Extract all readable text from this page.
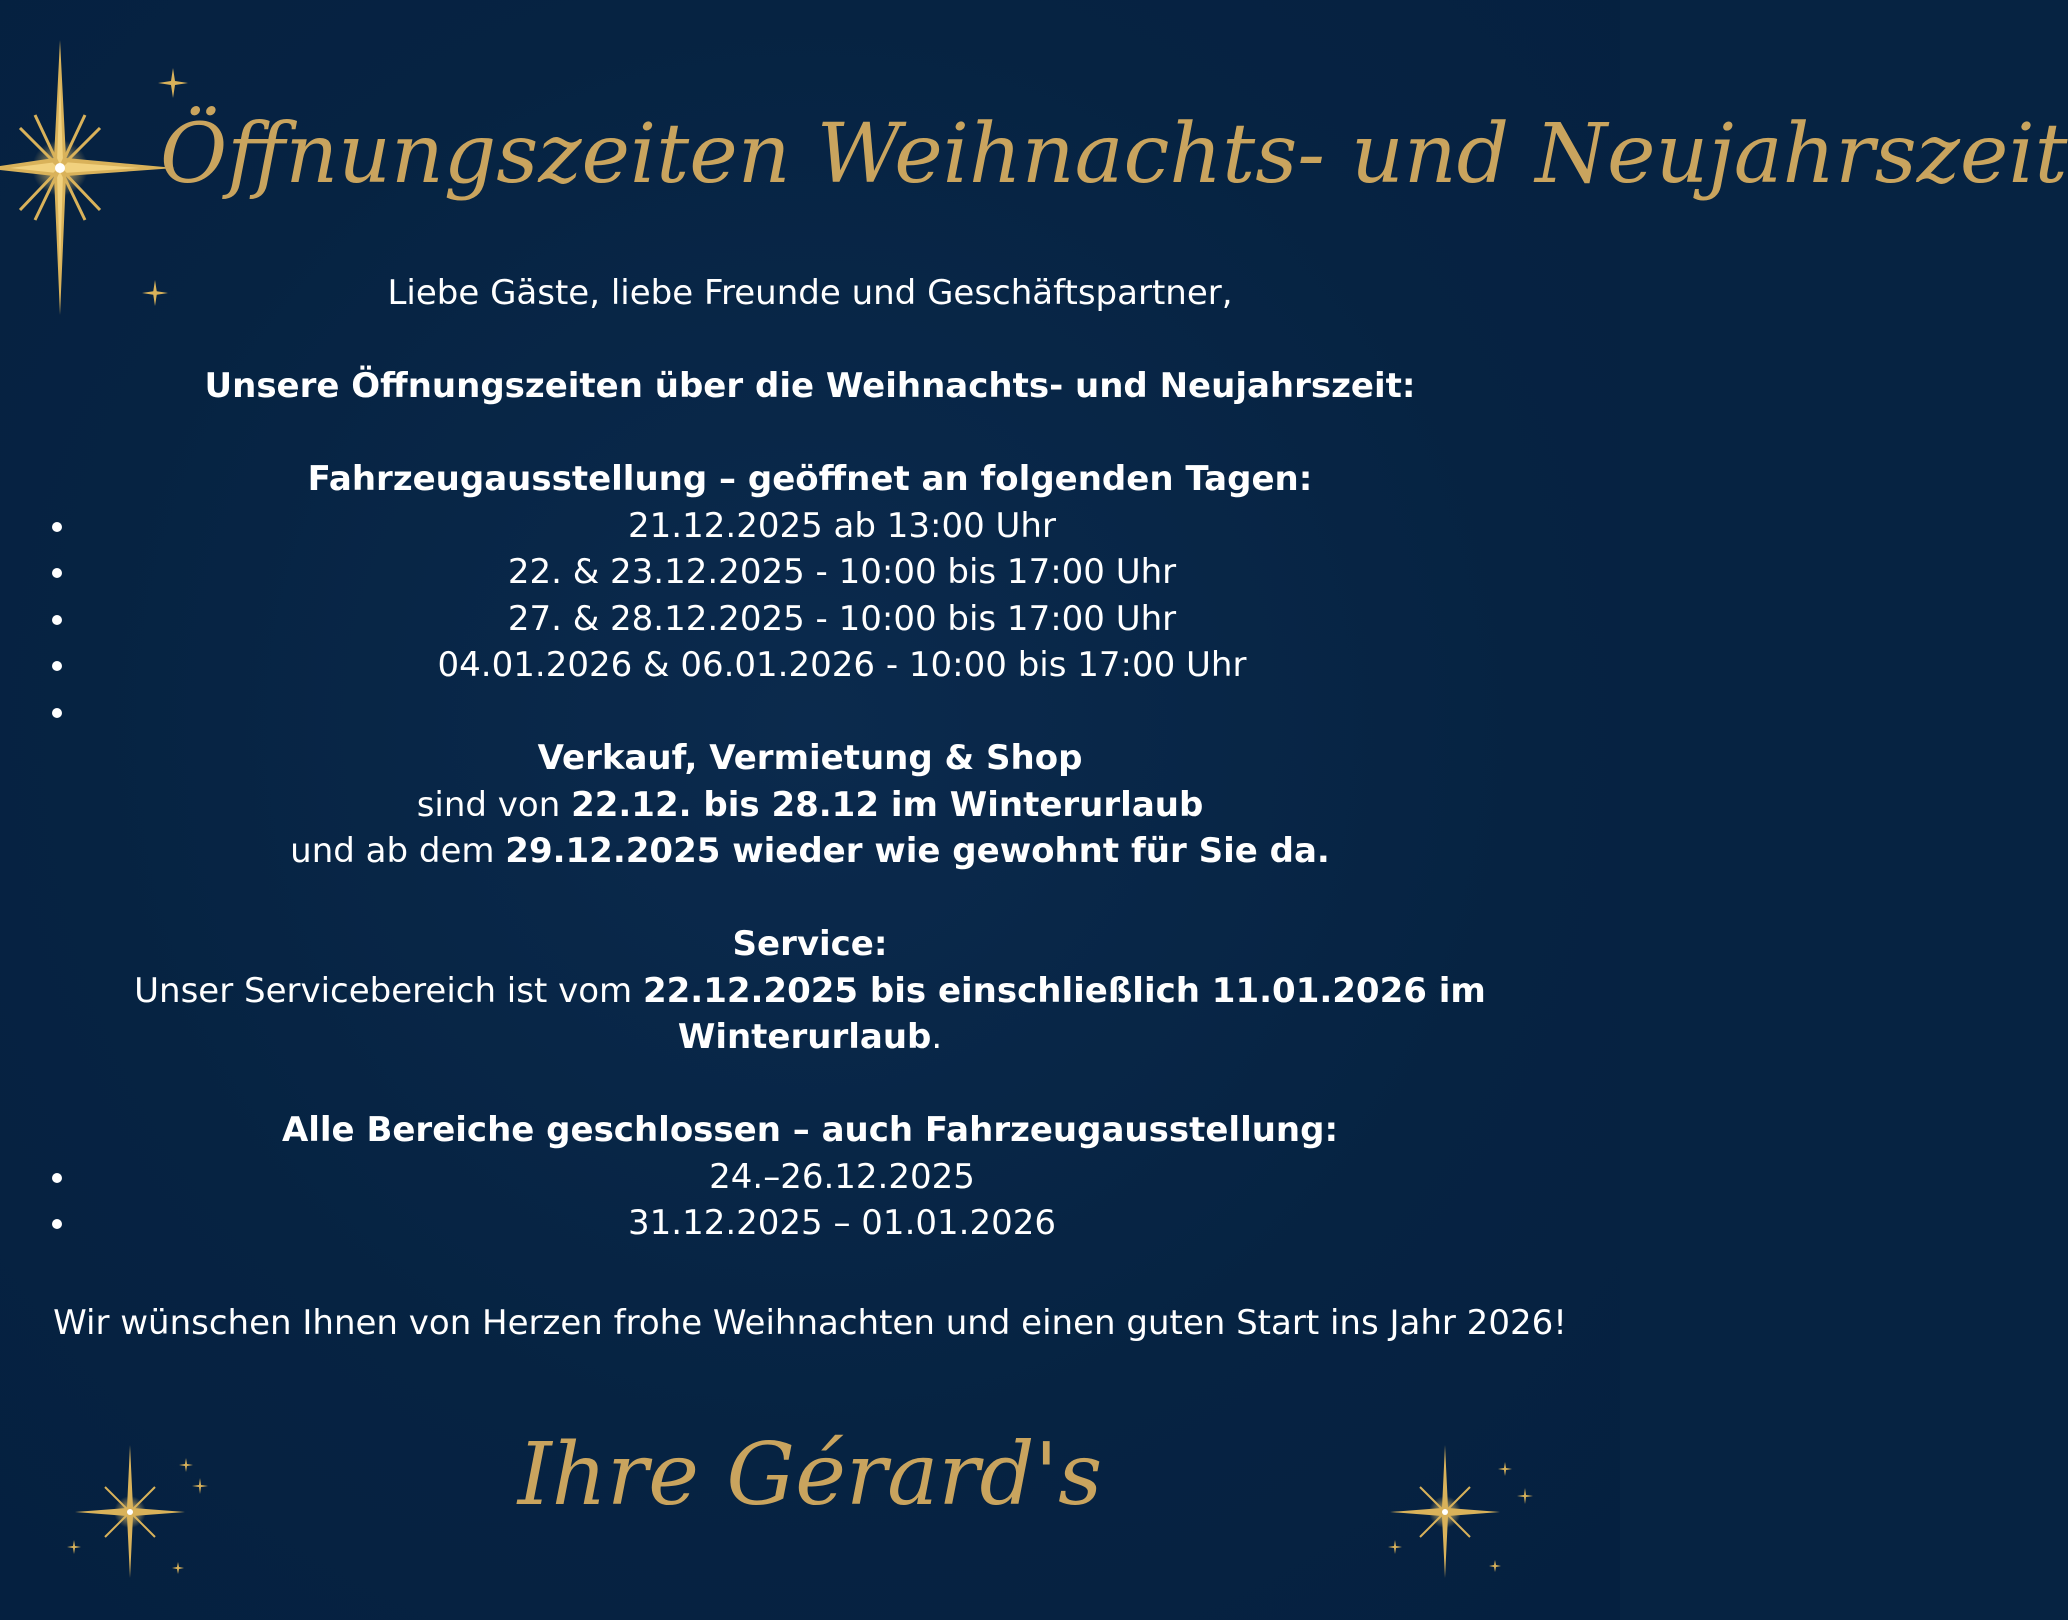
Öffnungszeiten Weihnachts- und Neujahrszeit
Liebe Gäste, liebe Freunde und Geschäftspartner,
Unsere Öffnungszeiten über die Weihnachts- und Neujahrszeit:
Fahrzeugausstellung – geöffnet an folgenden Tagen:
21.12.2025 ab 13:00 Uhr
22. & 23.12.2025 - 10:00 bis 17:00 Uhr
27. & 28.12.2025 - 10:00 bis 17:00 Uhr
04.01.2026 & 06.01.2026 - 10:00 bis 17:00 Uhr
Verkauf, Vermietung & Shop
sind von 22.12. bis 28.12 im Winterurlaub
und ab dem 29.12.2025 wieder wie gewohnt für Sie da.
Service:
Unser Servicebereich ist vom 22.12.2025 bis einschließlich 11.01.2026 im
Winterurlaub.
Alle Bereiche geschlossen – auch Fahrzeugausstellung:
24.–26.12.2025
31.12.2025 – 01.01.2026
Wir wünschen Ihnen von Herzen frohe Weihnachten und einen guten Start ins Jahr 2026!
Ihre Gérard's
